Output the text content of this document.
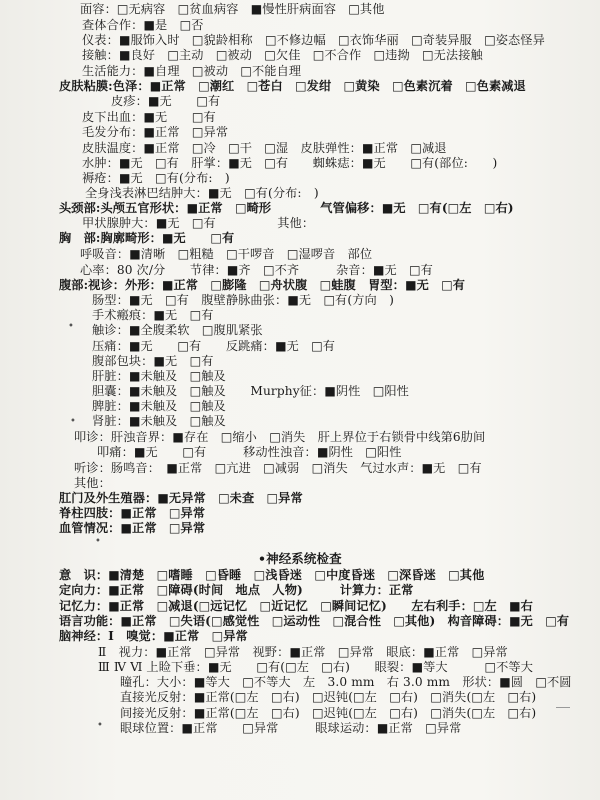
面容：□无病容　□贫血病容　■慢性肝病面容　□其他
查体合作：■是　□否
仪表：■服饰入时　□貌龄相称　□不修边幅　□衣饰华丽　□奇装异服　□姿态怪异
接触：■良好　□主动　□被动　□欠佳　□不合作　□违拗　□无法接触
生活能力：■自理　□被动　□不能自理
皮肤粘膜:色泽：■正常　□潮红　□苍白　□发绀　□黄染　□色素沉着　□色素减退
皮疹：■无　　□有
皮下出血：■无　　□有
毛发分布：■正常　□异常
皮肤温度：■正常　□冷　□干　□湿　皮肤弹性：■正常　□减退
水肿：■无　□有　肝掌：■无　□有　　蜘蛛痣：■无　　□有(部位:　　)
褥疮：■无　□有(分布:　)
全身浅表淋巴结肿大：■无　□有(分布:　)
头颈部:头颅五官形状：■正常　□畸形　　　　气管偏移：■无　□有(□左　□右)
甲状腺肿大：■无　□有　　　　　其他：
胸　部:胸廓畸形：■无　　□有
呼吸音：■清晰　□粗糙　□干啰音　□湿啰音　部位
心率：80 次/分　　节律：■齐　□不齐　　　杂音：■无　□有
腹部:视诊：外形：■正常　□膨隆　□舟状腹　□蛙腹　胃型：■无　□有
肠型：■无　□有　腹壁静脉曲张：■无　□有(方向　)
手术瘢痕：■无　□有
• 触诊：■全腹柔软　□腹肌紧张
压痛：■无　　□有　　反跳痛：■无　□有
腹部包块：■无　□有
肝脏：■未触及　□触及
胆囊：■未触及　□触及　　Murphy征：■阴性　□阳性
脾脏：■未触及　□触及
肾脏：■未触及　□触及
•
叩诊：肝浊音界：■存在　□缩小　□消失　肝上界位于右锁骨中线第6肋间
叩痛：■无　　□有　　　移动性浊音：■阴性　□阳性
听诊：肠鸣音：　■正常　□亢进　□减弱　□消失　气过水声：■无　□有
其他：
肛门及外生殖器：■无异常　□未查　□异常
脊柱四肢：■正常　□异常
血管情况：■正常　□异常
•
•神经系统检查
意　识：■清楚　□嗜睡　□昏睡　□浅昏迷　□中度昏迷　□深昏迷　□其他
定向力：■正常　□障碍(时间　地点　人物)　　　计算力：正常
记忆力：■正常　□减退(□远记忆　□近记忆　□瞬间记忆)　　左右利手：□左　■右
语言功能：■正常　□失语(□感觉性　□运动性　□混合性　□其他)　构音障碍：■无　□有
脑神经：Ⅰ　嗅觉：■正常　□异常
Ⅱ　视力：■正常　□异常　视野：■正常　□异常　眼底：■正常　□异常
Ⅲ Ⅳ Ⅵ 上睑下垂：■无　　□有(□左　□右)　　眼裂：■等大　　　□不等大
瞳孔：大小：■等大　□不等大　左　3.0 mm　右 3.0 mm　形状：■圆　□不圆
直接光反射：■正常(□左　□右)　□迟钝(□左　□右)　□消失(□左　□右)
间接光反射：■正常(□左　□右)　□迟钝(□左　□右)　□消失(□左　□右)
• 眼球位置：■正常　　□异常　　　眼球运动：■正常　□异常
